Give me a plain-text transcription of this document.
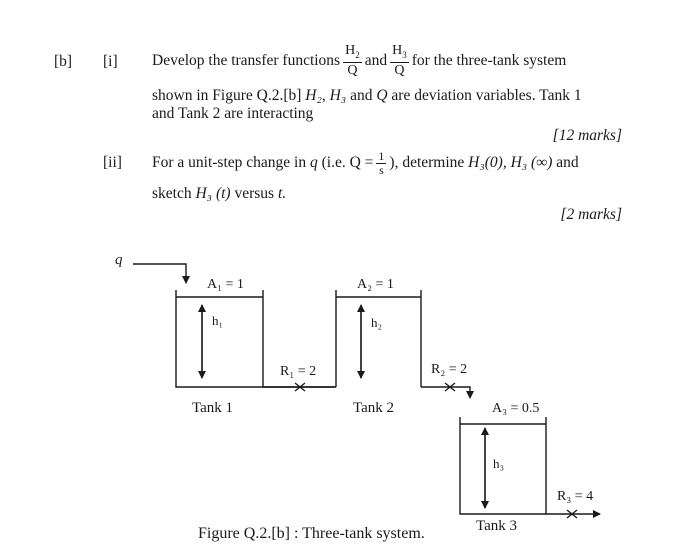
[b] [i] Develop the transfer functions $\frac{H_2}{Q}$ and $\frac{H_3}{Q}$ for the three-tank system
shown in Figure Q.2.[b] H₂, H₃ and Q are deviation variables. Tank 1
and Tank 2 are interacting
[12 marks]
[ii] For a unit-step change in
q
(i.e. $Q = \frac{1}{s}$ ), determine
H₃(0),
H₃ (∞)
and
sketch H₃ (t) versus t.
[2 marks]
q
A₁ = 1
h₁
Tank 1
A₂ = 1
h₂
Tank 2
R₁ = 2	R₂ = 2
A₃ = 0.5
h₃
Tank 3
R₃ = 4
Figure Q.2.[b] : Three-tank system.
